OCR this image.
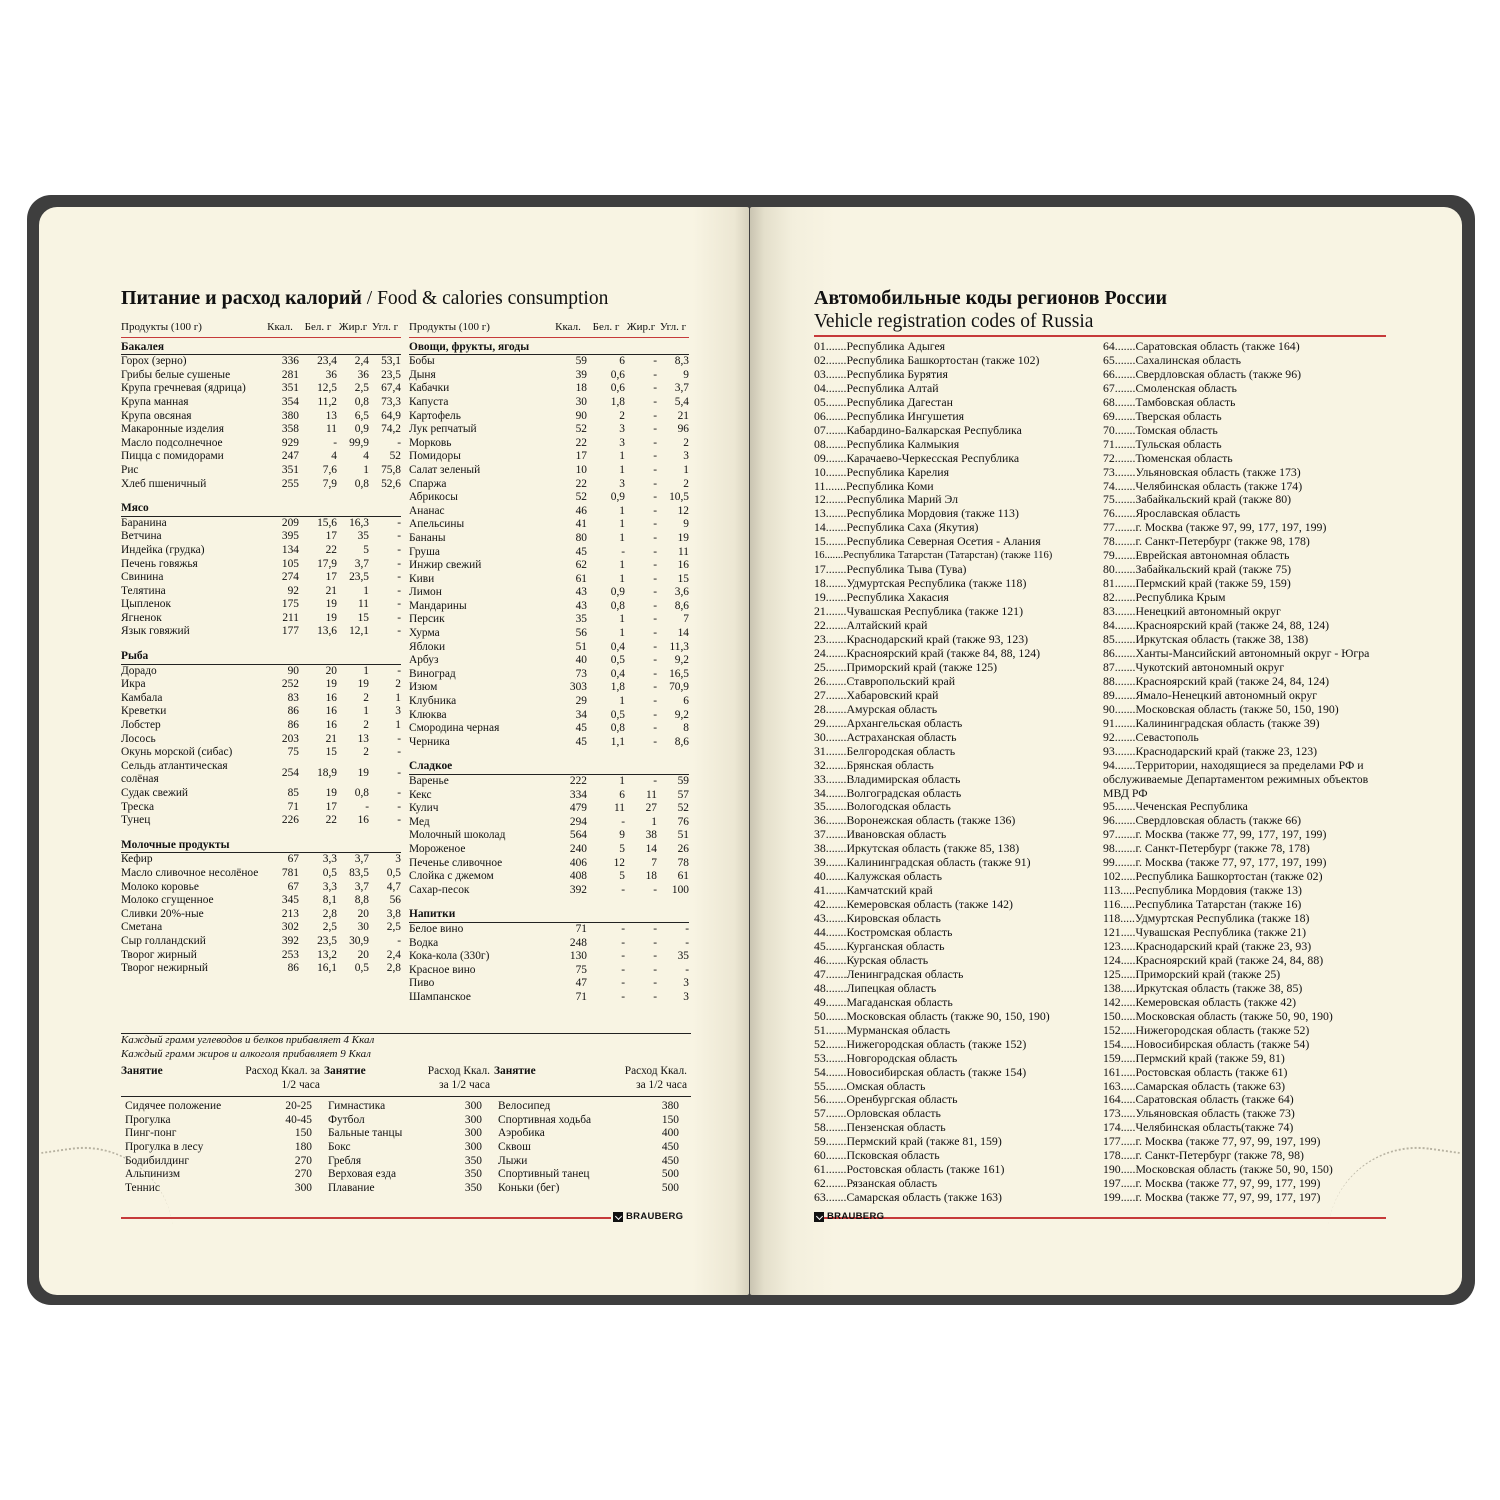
Питание и расход калорий / Food & calories consumption
Продукты (100 г)	Ккал.	Бел. г	Жир.г	Угл. г
Бакалея				
Горох (зерно)	336	23,4	2,4	53,1
Грибы белые сушеные	281	36	36	23,5
Крупа гречневая (ядрица)	351	12,5	2,5	67,4
Крупа манная	354	11,2	0,8	73,3
Крупа овсяная	380	13	6,5	64,9
Макаронные изделия	358	11	0,9	74,2
Масло подсолнечное	929	-	99,9	-
Пицца с помидорами	247	4	4	52
Рис	351	7,6	1	75,8
Хлеб пшеничный	255	7,9	0,8	52,6
Мясо				
Баранина	209	15,6	16,3	-
Ветчина	395	17	35	-
Индейка (грудка)	134	22	5	-
Печень говяжья	105	17,9	3,7	-
Свинина	274	17	23,5	-
Телятина	92	21	1	-
Цыпленок	175	19	11	-
Ягненок	211	19	15	-
Язык говяжий	177	13,6	12,1	-
Рыба				
Дорадо	90	20	1	-
Икра	252	19	19	2
Камбала	83	16	2	1
Креветки	86	16	1	3
Лобстер	86	16	2	1
Лосось	203	21	13	-
Окунь морской (сибас)	75	15	2	-
Сельдь атлантическая солёная	254	18,9	19	-
Судак свежий	85	19	0,8	-
Треска	71	17	-	-
Тунец	226	22	16	-
Молочные продукты				
Кефир	67	3,3	3,7	3
Масло сливочное несолёное	781	0,5	83,5	0,5
Молоко коровье	67	3,3	3,7	4,7
Молоко сгущенное	345	8,1	8,8	56
Сливки 20%-ные	213	2,8	20	3,8
Сметана	302	2,5	30	2,5
Сыр голландский	392	23,5	30,9	-
Творог жирный	253	13,2	20	2,4
Творог нежирный	86	16,1	0,5	2,8
Продукты (100 г)	Ккал.	Бел. г	Жир.г	Угл. г
Овощи, фрукты, ягоды				
Бобы	59	6	-	8,3
Дыня	39	0,6	-	9
Кабачки	18	0,6	-	3,7
Капуста	30	1,8	-	5,4
Картофель	90	2	-	21
Лук репчатый	52	3	-	96
Морковь	22	3	-	2
Помидоры	17	1	-	3
Салат зеленый	10	1	-	1
Спаржа	22	3	-	2
Абрикосы	52	0,9	-	10,5
Ананас	46	1	-	12
Апельсины	41	1	-	9
Бананы	80	1	-	19
Груша	45	-	-	11
Инжир свежий	62	1	-	16
Киви	61	1	-	15
Лимон	43	0,9	-	3,6
Мандарины	43	0,8	-	8,6
Персик	35	1	-	7
Хурма	56	1	-	14
Яблоки	51	0,4	-	11,3
Арбуз	40	0,5	-	9,2
Виноград	73	0,4	-	16,5
Изюм	303	1,8	-	70,9
Клубника	29	1	-	6
Клюква	34	0,5	-	9,2
Смородина черная	45	0,8	-	8
Черника	45	1,1	-	8,6
Сладкое				
Варенье	222	1	-	59
Кекс	334	6	11	57
Кулич	479	11	27	52
Мед	294	-	1	76
Молочный шоколад	564	9	38	51
Мороженое	240	5	14	26
Печенье сливочное	406	12	7	78
Слойка с джемом	408	5	18	61
Сахар-песок	392	-	-	100
Напитки				
Белое вино	71	-	-	-
Водка	248	-	-	-
Кока-кола (330г)	130	-	-	35
Красное вино	75	-	-	-
Пиво	47	-	-	3
Шампанское	71	-	-	3
Каждый грамм углеводов и белков прибавляет 4 Ккал
Каждый грамм жиров и алкоголя прибавляет 9 Ккал
Занятие	Расход Ккал. за 1/2 часа	Занятие	Расход Ккал. за 1/2 часа	Занятие	Расход Ккал. за 1/2 часа
Сидячее положение	20-25	Гимнастика	300	Велосипед	380
Прогулка	40-45	Футбол	300	Спортивная ходьба	150
Пинг-понг	150	Бальные танцы	300	Аэробика	400
Прогулка в лесу	180	Бокс	300	Сквош	450
Бодибилдинг	270	Гребля	350	Лыжи	450
Альпинизм	270	Верховая езда	350	Спортивный танец	500
Теннис	300	Плавание	350	Коньки (бег)	500
BRAUBERG
Автомобильные коды регионов России
Vehicle registration codes of Russia
01.......Республика Адыгея
02.......Республика Башкортостан (также 102)
03.......Республика Бурятия
04.......Республика Алтай
05.......Республика Дагестан
06.......Республика Ингушетия
07.......Кабардино-Балкарская Республика
08.......Республика Калмыкия
09.......Карачаево-Черкесская Республика
10.......Республика Карелия
11.......Республика Коми
12.......Республика Марий Эл
13.......Республика Мордовия (также 113)
14.......Республика Саха (Якутия)
15.......Республика Северная Осетия - Алания
16.......Республика Татарстан (Татарстан) (также 116)
17.......Республика Тыва (Тува)
18.......Удмуртская Республика (также 118)
19.......Республика Хакасия
21.......Чувашская Республика (также 121)
22.......Алтайский край
23.......Краснодарский край (также 93, 123)
24.......Красноярский край (также 84, 88, 124)
25.......Приморский край (также 125)
26.......Ставропольский край
27.......Хабаровский край
28.......Амурская область
29.......Архангельская область
30.......Астраханская область
31.......Белгородская область
32.......Брянская область
33.......Владимирская область
34.......Волгоградская область
35.......Вологодская область
36.......Воронежская область (также 136)
37.......Ивановская область
38.......Иркутская область (также 85, 138)
39.......Калининградская область (также 91)
40.......Калужская область
41.......Камчатский край
42.......Кемеровская область (также 142)
43.......Кировская область
44.......Костромская область
45.......Курганская область
46.......Курская область
47.......Ленинградская область
48.......Липецкая область
49.......Магаданская область
50.......Московская область (также 90, 150, 190)
51.......Мурманская область
52.......Нижегородская область (также 152)
53.......Новгородская область
54.......Новосибирская область (также 154)
55.......Омская область
56.......Оренбургская область
57.......Орловская область
58.......Пензенская область
59.......Пермский край (также 81, 159)
60.......Псковская область
61.......Ростовская область (также 161)
62.......Рязанская область
63.......Самарская область (также 163)
64.......Саратовская область (также 164)
65.......Сахалинская область
66.......Свердловская область (также 96)
67.......Смоленская область
68.......Тамбовская область
69.......Тверская область
70.......Томская область
71.......Тульская область
72.......Тюменская область
73.......Ульяновская область (также 173)
74.......Челябинская область (также 174)
75.......Забайкальский край (также 80)
76.......Ярославская область
77.......г. Москва (также 97, 99, 177, 197, 199)
78.......г. Санкт-Петербург (также 98, 178)
79.......Еврейская автономная область
80.......Забайкальский край (также 75)
81.......Пермский край (также 59, 159)
82.......Республика Крым
83.......Ненецкий автономный округ
84.......Красноярский край (также 24, 88, 124)
85.......Иркутская область (также 38, 138)
86.......Ханты-Мансийский автономный округ - Югра
87.......Чукотский автономный округ
88.......Красноярский край (также 24, 84, 124)
89.......Ямало-Ненецкий автономный округ
90.......Московская область (также 50, 150, 190)
91.......Калининградская область (также 39)
92.......Севастополь
93.......Краснодарский край (также 23, 123)
94.......Территории, находящиеся за пределами РФ и обслуживаемые Департаментом режимных объектов МВД РФ
95.......Чеченская Республика
96.......Свердловская область (также 66)
97.......г. Москва (также 77, 99, 177, 197, 199)
98.......г. Санкт-Петербург (также 78, 178)
99.......г. Москва (также 77, 97, 177, 197, 199)
102.....Республика Башкортостан (также 02)
113.....Республика Мордовия (также 13)
116.....Республика Татарстан (также 16)
118.....Удмуртская Республика (также 18)
121.....Чувашская Республика (также 21)
123.....Краснодарский край (также 23, 93)
124.....Красноярский край (также 24, 84, 88)
125.....Приморский край (также 25)
138.....Иркутская область (также 38, 85)
142.....Кемеровская область (также 42)
150.....Московская область (также 50, 90, 190)
152.....Нижегородская область (также 52)
154.....Новосибирская область (также 54)
159.....Пермский край (также 59, 81)
161.....Ростовская область (также 61)
163.....Самарская область (также 63)
164.....Саратовская область (также 64)
173.....Ульяновская область (также 73)
174.....Челябинская область(также 74)
177.....г. Москва (также 77, 97, 99, 197, 199)
178.....г. Санкт-Петербург (также 78, 98)
190.....Московская область (также 50, 90, 150)
197.....г. Москва (также 77, 97, 99, 177, 199)
199.....г. Москва (также 77, 97, 99, 177, 197)
BRAUBERG
